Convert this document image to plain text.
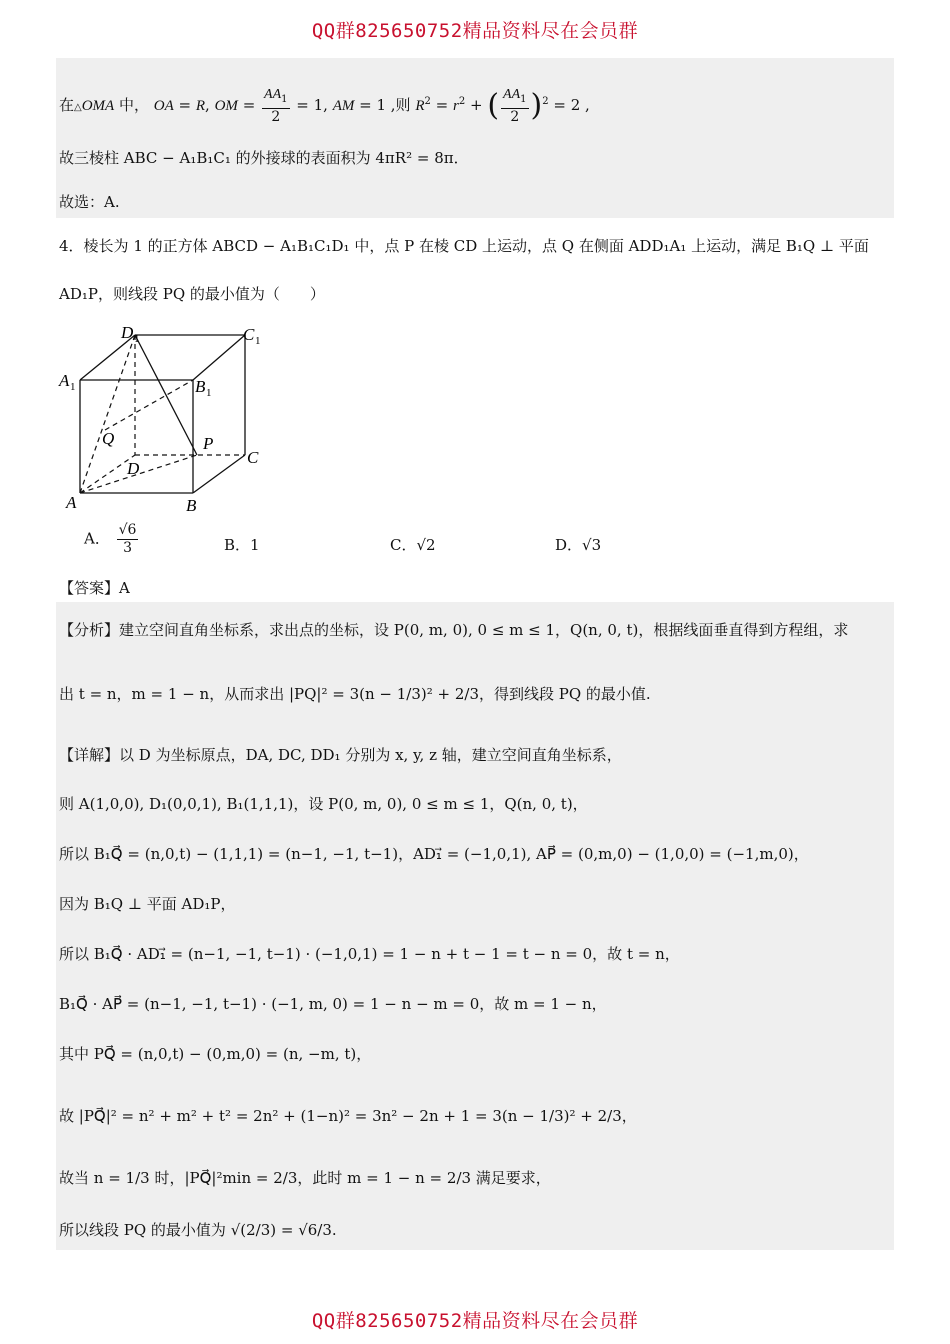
QQ群825650752精品资料尽在会员群
在△OMA 中， OA = R, OM = $\frac{AA_1}{2} = 1$, AM = 1 ,则 $R^2 = r^2$ + ( $\frac{AA_1}{2} )^2 = 2$ ,
故三棱柱 ABC − A₁B₁C₁ 的外接球的表面积为 4πR² = 8π．
故选：A.
4．棱长为 1 的正方体 ABCD − A₁B₁C₁D₁ 中，点 P 在棱 CD 上运动，点 Q 在侧面 ADD₁A₁ 上运动，满足 B₁Q ⊥ 平面
AD₁P，则线段 PQ 的最小值为（　　）
D 1	C 1
A 1	B 1
Q	P
C
D
A	B
A． $\frac{√6}{3}$	B．1	C．√2	D．√3
【答案】A
【分析】建立空间直角坐标系，求出点的坐标，设 P(0, m, 0), 0 ≤ m ≤ 1，Q(n, 0, t)，根据线面垂直得到方程组，求
出 t = n，m = 1 − n，从而求出 |PQ|² = 3(n − 1/3)² + 2/3，得到线段 PQ 的最小值.
【详解】以 D 为坐标原点，DA, DC, DD₁ 分别为 x, y, z 轴，建立空间直角坐标系，
则 A(1,0,0), D₁(0,0,1), B₁(1,1,1)，设 P(0, m, 0), 0 ≤ m ≤ 1，Q(n, 0, t)，
所以 B₁Q⃗ = (n,0,t) − (1,1,1) = (n−1, −1, t−1)，AD₁⃗ = (−1,0,1), AP⃗ = (0,m,0) − (1,0,0) = (−1,m,0)，
因为 B₁Q ⊥ 平面 AD₁P，
所以 B₁Q⃗ · AD₁⃗ = (n−1, −1, t−1) · (−1,0,1) = 1 − n + t − 1 = t − n = 0，故 t = n，
B₁Q⃗ · AP⃗ = (n−1, −1, t−1) · (−1, m, 0) = 1 − n − m = 0，故 m = 1 − n，
其中 PQ⃗ = (n,0,t) − (0,m,0) = (n, −m, t)，
故 |PQ⃗|² = n² + m² + t² = 2n² + (1−n)² = 3n² − 2n + 1 = 3(n − 1/3)² + 2/3，
故当 n = 1/3 时，|PQ⃗|²min = 2/3，此时 m = 1 − n = 2/3 满足要求，
所以线段 PQ 的最小值为 √(2/3) = √6/3.
QQ群825650752精品资料尽在会员群
